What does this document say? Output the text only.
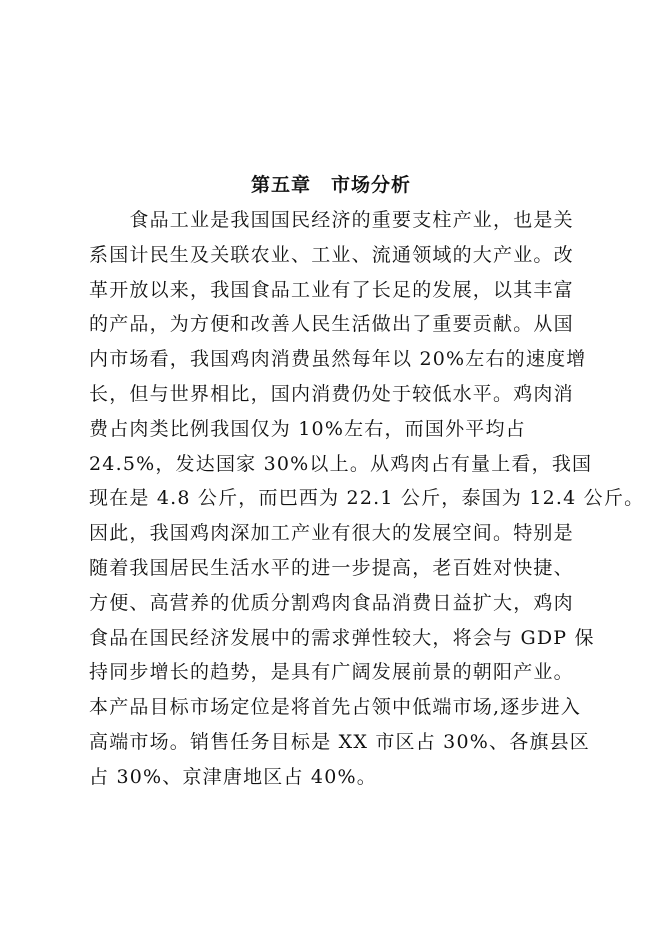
第五章　市场分析
　　食品工业是我国国民经济的重要支柱产业，也是关
系国计民生及关联农业、工业、流通领域的大产业。改
革开放以来，我国食品工业有了长足的发展，以其丰富
的产品，为方便和改善人民生活做出了重要贡献。从国
内市场看，我国鸡肉消费虽然每年以 20%左右的速度增
长，但与世界相比，国内消费仍处于较低水平。鸡肉消
费占肉类比例我国仅为 10%左右，而国外平均占
24.5%，发达国家 30%以上。从鸡肉占有量上看，我国
现在是 4.8 公斤，而巴西为 22.1 公斤，泰国为 12.4 公斤。
因此，我国鸡肉深加工产业有很大的发展空间。特别是
随着我国居民生活水平的进一步提高，老百姓对快捷、
方便、高营养的优质分割鸡肉食品消费日益扩大，鸡肉
食品在国民经济发展中的需求弹性较大，将会与 GDP 保
持同步增长的趋势，是具有广阔发展前景的朝阳产业。
本产品目标市场定位是将首先占领中低端市场,逐步进入
高端市场。销售任务目标是 XX 市区占 30%、各旗县区
占 30%、京津唐地区占 40%。
